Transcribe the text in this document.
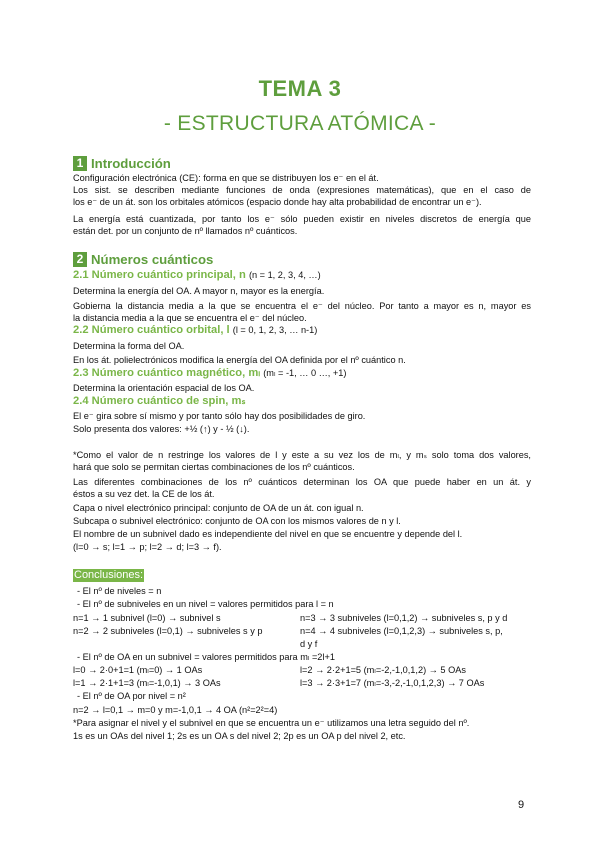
TEMA 3
- ESTRUCTURA ATÓMICA -
1 Introducción
Configuración electrónica (CE): forma en que se distribuyen los e⁻ en el át.
Los sist. se describen mediante funciones de onda (expresiones matemáticas), que en el caso de
los e⁻ de un át. son los orbitales atómicos (espacio donde hay alta probabilidad de encontrar un e⁻).
La energía está cuantizada, por tanto los e⁻ sólo pueden existir en niveles discretos de energía que
están det. por un conjunto de nº llamados nº cuánticos.
2 Números cuánticos
2.1 Número cuántico principal, n (n = 1, 2, 3, 4, …)
Determina la energía del OA. A mayor n, mayor es la energía.
Gobierna la distancia media a la que se encuentra el e⁻ del núcleo. Por tanto a mayor es n, mayor es
la distancia media a la que se encuentra el e⁻ del núcleo.
2.2 Número cuántico orbital, l (l = 0, 1, 2, 3, … n-1)
Determina la forma del OA.
En los át. polielectrónicos modifica la energía del OA definida por el nº cuántico n.
2.3 Número cuántico magnético, mₗ (mₗ = -1, … 0 …, +1)
Determina la orientación espacial de los OA.
2.4 Número cuántico de spin, mₛ
El e⁻ gira sobre sí mismo y por tanto sólo hay dos posibilidades de giro.
Solo presenta dos valores: +½ (↑) y - ½ (↓).
*Como el valor de n restringe los valores de l y este a su vez los de mₗ, y mₛ solo toma dos valores,
hará que solo se permitan ciertas combinaciones de los nº cuánticos.
Las diferentes combinaciones de los nº cuánticos determinan los OA que puede haber en un át. y
éstos a su vez det. la CE de los át.
Capa o nivel electrónico principal: conjunto de OA de un át. con igual n.
Subcapa o subnivel electrónico: conjunto de OA con los mismos valores de n y l.
El nombre de un subnivel dado es independiente del nivel en que se encuentre y depende del l.
(l=0 → s; l=1 → p; l=2 → d; l=3 → f).
Conclusiones:
- El nº de niveles = n
- El nº de subniveles en un nivel = valores permitidos para l = n
n=1 → 1 subnivel (l=0) → subnivel s	n=3 → 3 subniveles (l=0,1,2) → subniveles s, p y d
n=2 → 2 subniveles (l=0,1) → subniveles s y p	n=4 → 4 subniveles (l=0,1,2,3) → subniveles s, p,
d y f
- El nº de OA en un subnivel = valores permitidos para mₗ =2l+1
l=0 → 2·0+1=1 (mₗ=0) → 1 OAs	l=2 → 2·2+1=5 (mₗ=-2,-1,0,1,2) → 5 OAs
l=1 → 2·1+1=3 (mₗ=-1,0,1) → 3 OAs	l=3 → 2·3+1=7 (mₗ=-3,-2,-1,0,1,2,3) → 7 OAs
- El nº de OA por nivel = n²
n=2 → l=0,1 → m=0 y m=-1,0,1 → 4 OA (n²=2²=4)
*Para asignar el nivel y el subnivel en que se encuentra un e⁻ utilizamos una letra seguido del nº.
1s es un OAs del nivel 1; 2s es un OA s del nivel 2; 2p es un OA p del nivel 2, etc.
9
